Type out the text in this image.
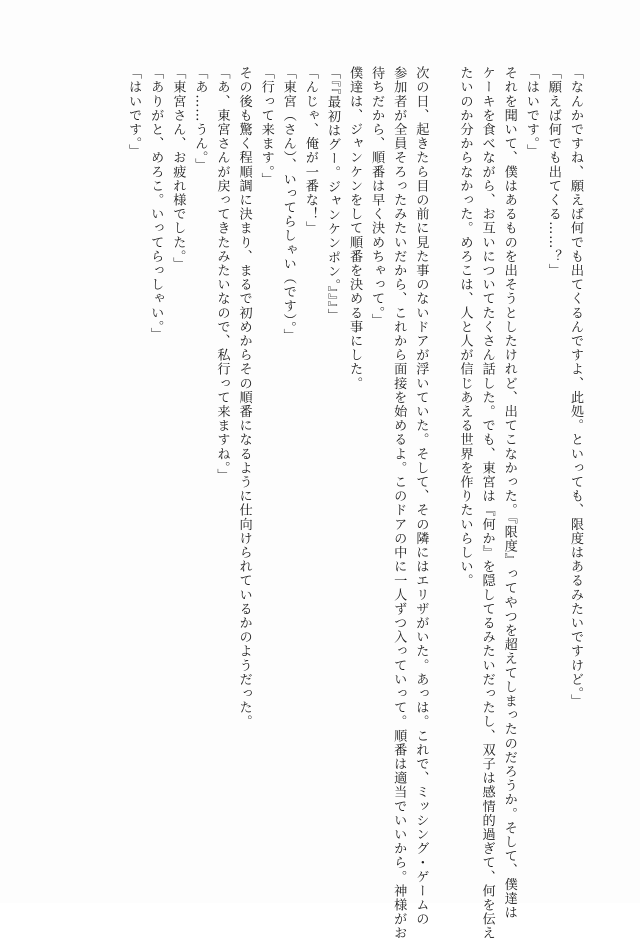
「なんかですね、願えば何でも出てくるんですよ、此処。といっても、限度はあるみたいですけど。」
「願えば何でも出てくる……？」
「はいです。」
それを聞いて、僕はあるものを出そうとしたけれど、出てこなかった。『限度』ってやつを超えてしまったのだろうか。そして、僕達は
ケーキを食べながら、お互いについてたくさん話した。でも、東宮は『何か』を隠してるみたいだったし、双子は感情的過ぎて、何を伝え
たいのか分からなかった。めろこは、人と人が信じあえる世界を作りたいらしい。
次の日、起きたら目の前に見た事のないドアが浮いていた。そして、その隣にはエリザがいた。あっは。これで、ミッシング・ゲームの
参加者が全員そろったみたいだから、これから面接を始めるよ。このドアの中に一人ずつ入っていって。順番は適当でいいから。神様がお
待ちだから、順番は早く決めちゃって。」
僕達は、ジャンケンをして順番を決める事にした。
「『『最初はグー。ジャンケンポン。』』』」
「んじゃ、俺が一番な！」
「東宮（さん）、いってらしゃい（です）。」
「行って来ます。」
その後も驚く程順調に決まり、まるで初めからその順番になるように仕向けられているかのようだった。
「あ、東宮さんが戻ってきたみたいなので、私行って来ますね。」
「あ……うん。」
「東宮さん、お疲れ様でした。」
「ありがと、めろこ。いってらっしゃい。」
「はいです。」
